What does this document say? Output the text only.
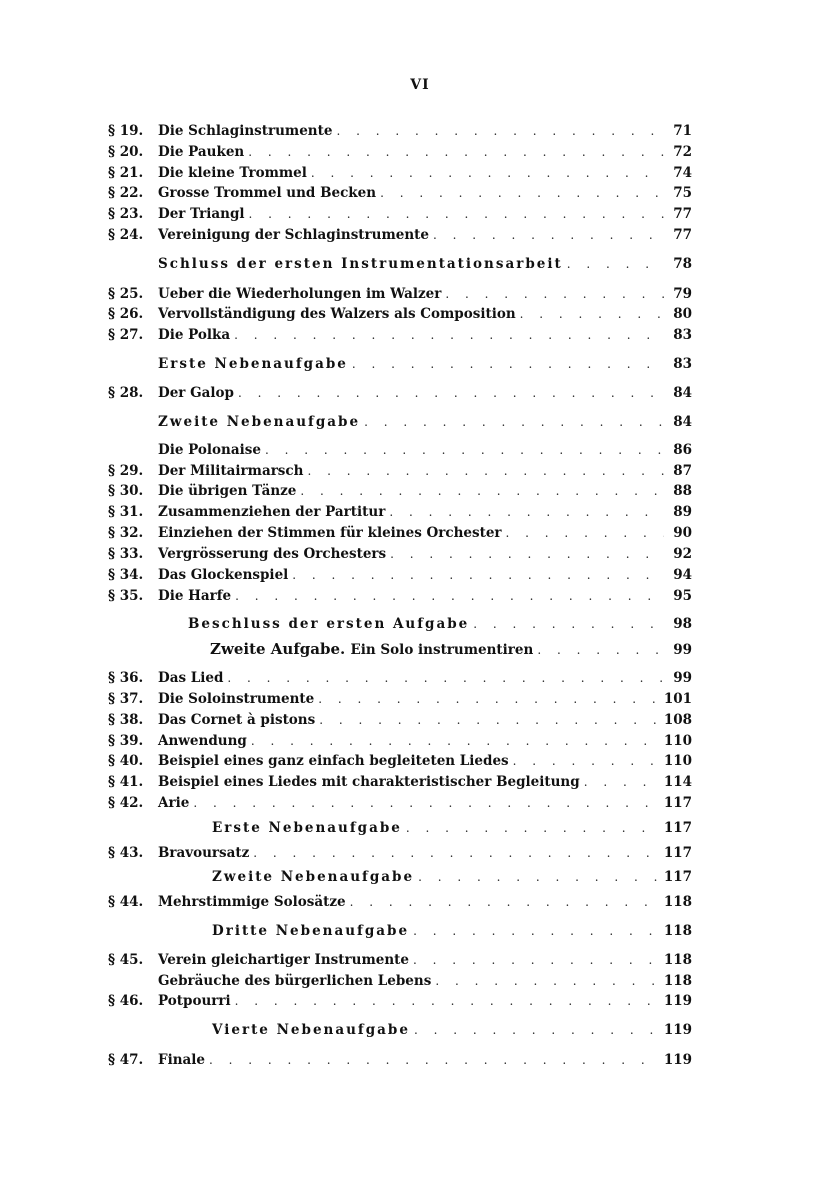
VI
§ 19.	Die Schlaginstrumente . . .	71
§ 20.	Die Pauken . . .	72
§ 21.	Die kleine Trommel . . .	74
§ 22.	Grosse Trommel und Becken . . .	75
§ 23.	Der Triangl . . .	77
§ 24.	Vereinigung der Schlaginstrumente . . .	77
Schluss der ersten Instrumentationsarbeit . . .	78
§ 25.	Ueber die Wiederholungen im Walzer . . .	79
§ 26.	Vervollständigung des Walzers als Composition . . .	80
§ 27.	Die Polka . . .	83
Erste Nebenaufgabe . . .	83
§ 28.	Der Galop . . .	84
Zweite Nebenaufgabe . . .	84
Die Polonaise . . .	86
§ 29.	Der Militairmarsch . . .	87
§ 30.	Die übrigen Tänze . . .	88
§ 31.	Zusammenziehen der Partitur . . .	89
§ 32.	Einziehen der Stimmen für kleines Orchester . . .	90
§ 33.	Vergrösserung des Orchesters . . .	92
§ 34.	Das Glockenspiel . . .	94
§ 35.	Die Harfe . . .	95
Beschluss der ersten Aufgabe . . .	98
Zweite Aufgabe. Ein Solo instrumentiren . . .	99
§ 36.	Das Lied . . .	99
§ 37.	Die Soloinstrumente . . .	101
§ 38.	Das Cornet à pistons . . .	108
§ 39.	Anwendung . . .	110
§ 40.	Beispiel eines ganz einfach begleiteten Liedes . . .	110
§ 41.	Beispiel eines Liedes mit charakteristischer Begleitung . . .	114
§ 42.	Arie . . .	117
Erste Nebenaufgabe . . .	117
§ 43.	Bravoursatz . . .	117
Zweite Nebenaufgabe . . .	117
§ 44.	Mehrstimmige Solosätze . . .	118
Dritte Nebenaufgabe . . .	118
§ 45.	Verein gleichartiger Instrumente . . .	118
Gebräuche des bürgerlichen Lebens . . .	118
§ 46.	Potpourri . . .	119
Vierte Nebenaufgabe . . .	119
§ 47.	Finale . . .	119
